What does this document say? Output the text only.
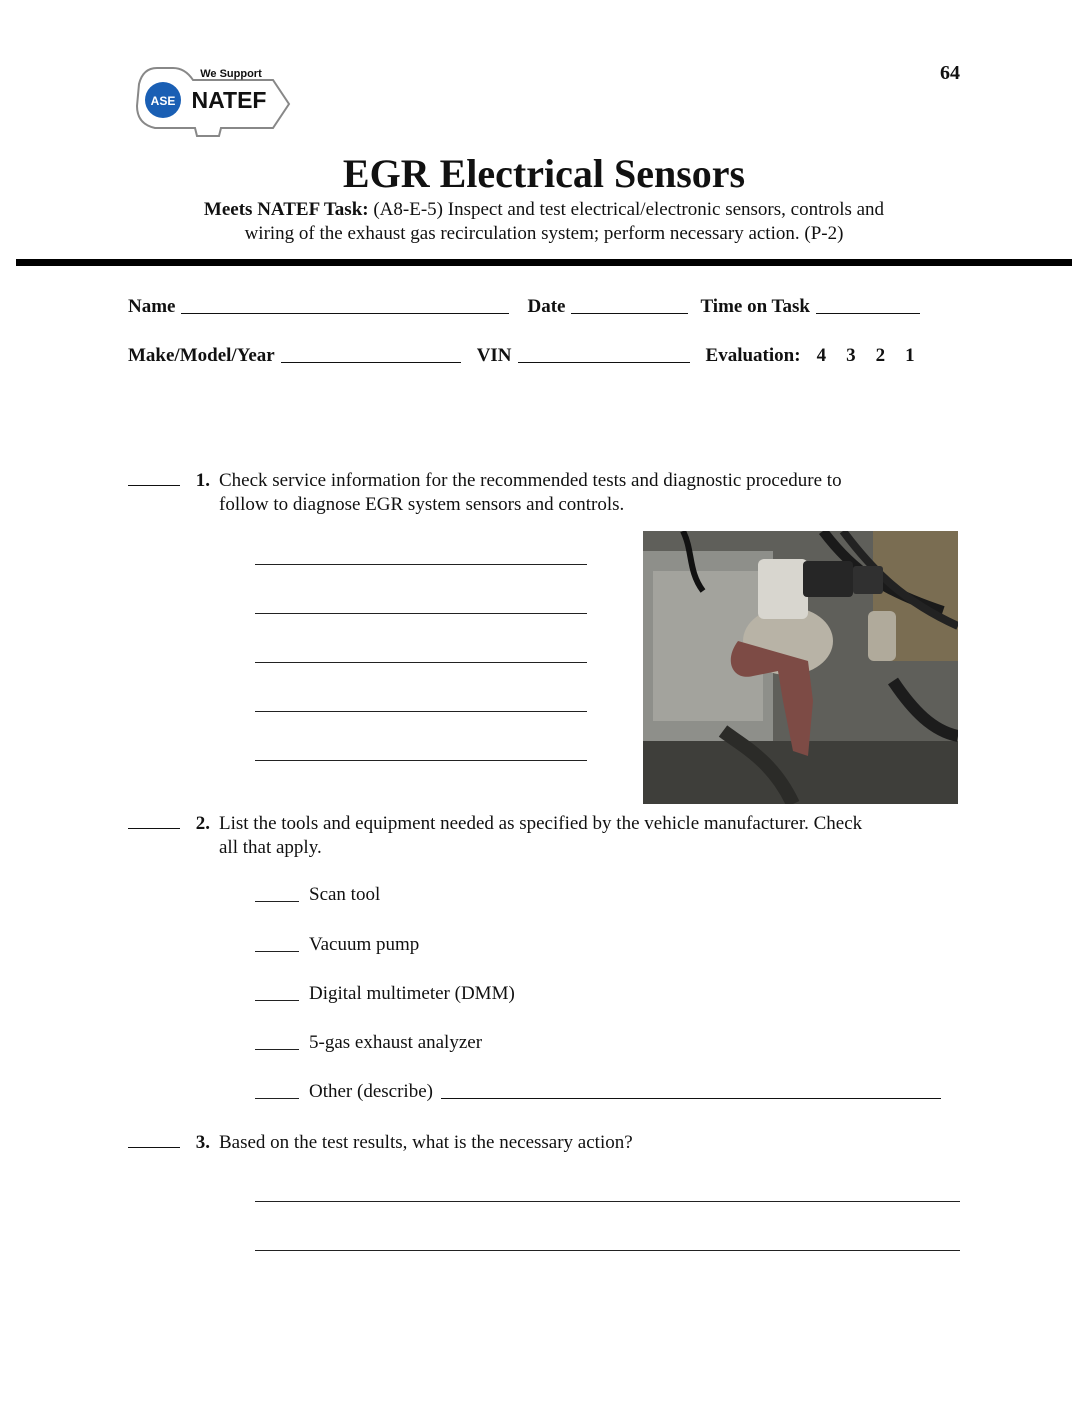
64
ASE
We Support
NATEF
EGR Electrical Sensors
Meets NATEF Task: (A8-E-5) Inspect and test electrical/electronic sensors, controls and
wiring of the exhaust gas recirculation system; perform necessary action. (P-2)
Name	Date	Time on Task
Make/Model/Year	VIN	Evaluation: 4 3 2 1
1. Check service information for the recommended tests and diagnostic procedure to
follow to diagnose EGR system sensors and controls.
2. List the tools and equipment needed as specified by the vehicle manufacturer. Check
all that apply.
Scan tool
Vacuum pump
Digital multimeter (DMM)
5-gas exhaust analyzer
Other (describe)
3. Based on the test results, what is the necessary action?
